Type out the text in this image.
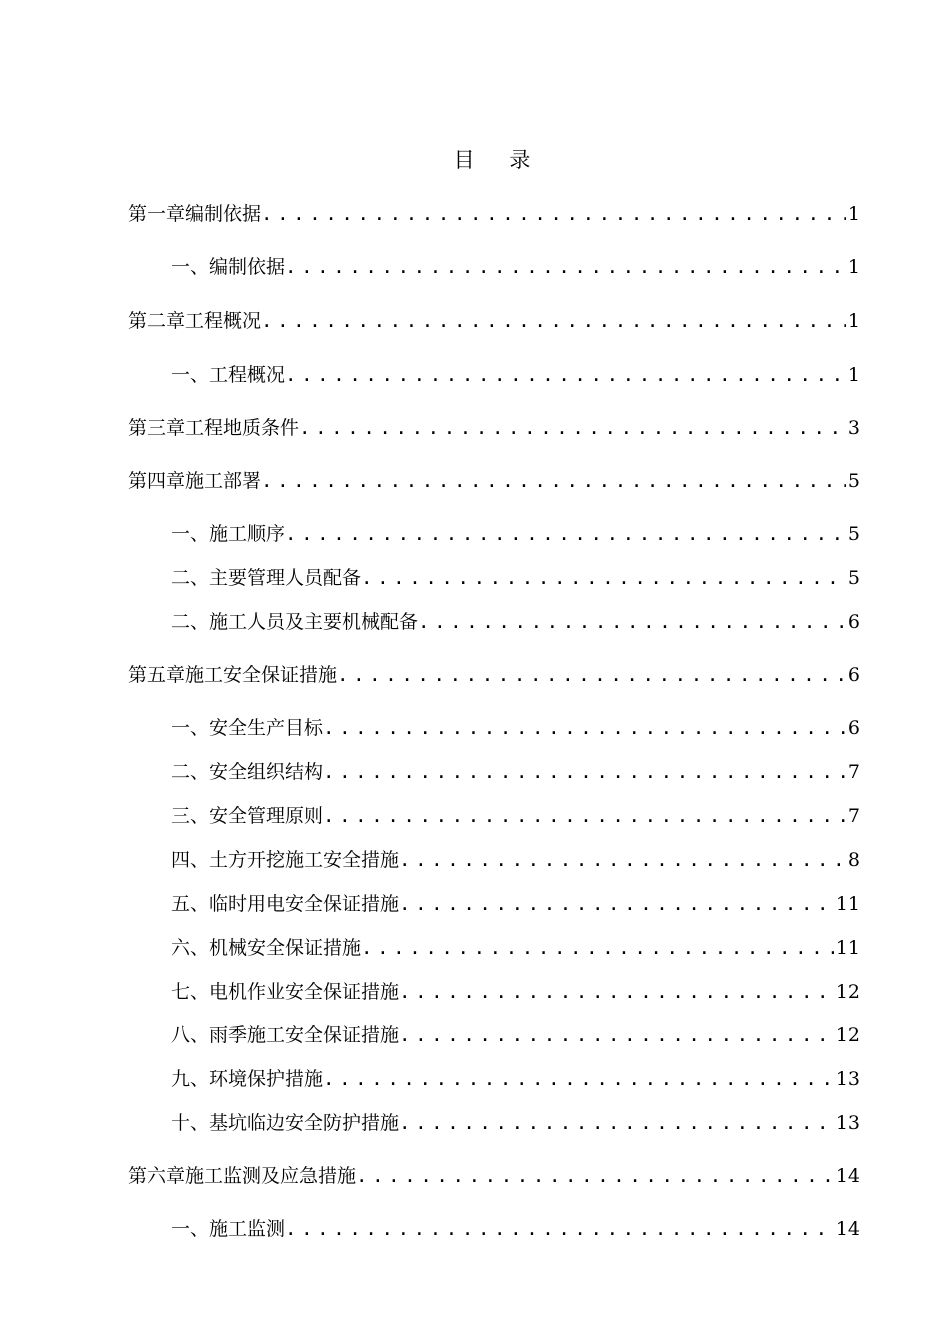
目 录
第一章 编制依据 . . .	1
一、 编制依据 . . .	1
第二章 工程概况 . . .	1
一、 工程概况 . . .	1
第三章 工程地质条件 . . .	3
第四章 施工部署 . . .	5
一、 施工顺序 . . .	5
二、 主要管理人员配备 . . .	5
二、 施工人员及主要机械配备 . . .	6
第五章 施工安全保证措施 . . .	6
一、 安全生产目标 . . .	6
二、 安全组织结构 . . .	7
三、 安全管理原则 . . .	7
四、 土方开挖施工安全措施 . . .	8
五、 临时用电安全保证措施 . . .	11
六、 机械安全保证措施 . . .	11
七、 电机作业安全保证措施 . . .	12
八、 雨季施工安全保证措施 . . .	12
九、 环境保护措施 . . .	13
十、 基坑临边安全防护措施 . . .	13
第六章 施工监测及应急措施 . . .	14
一、 施工监测 . . .	14
